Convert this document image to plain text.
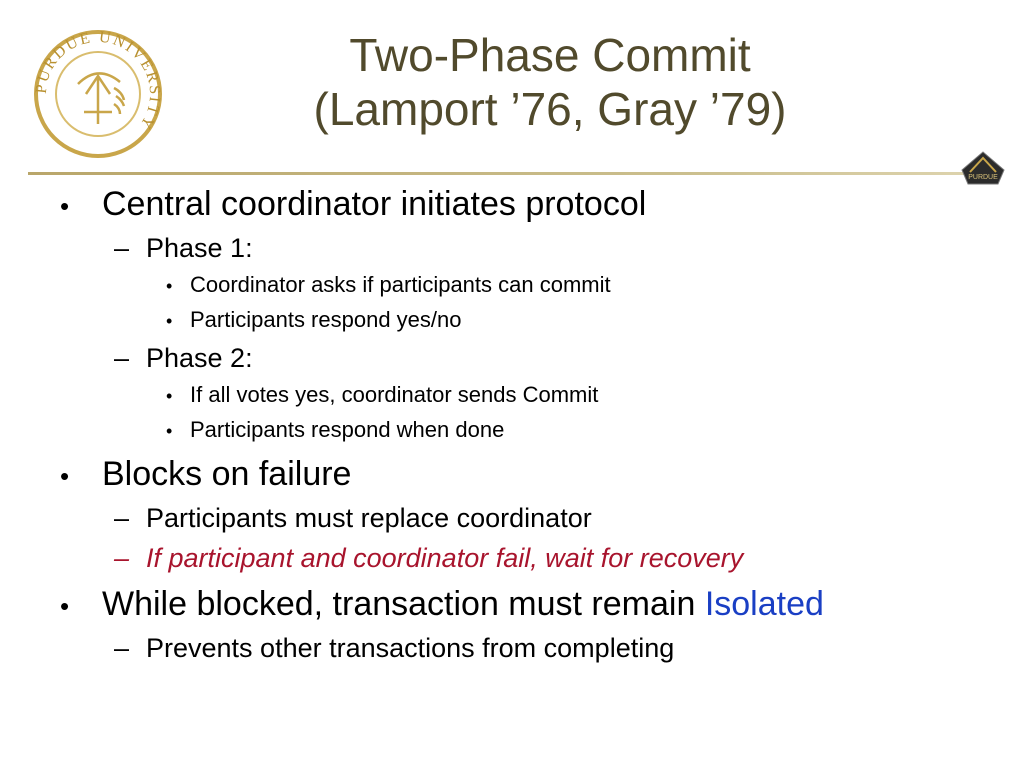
PURDUE UNIVERSITY
Two-Phase Commit
(Lamport ’76, Gray ’79)
PURDUE
• Central coordinator initiates protocol
– Phase 1:
• Coordinator asks if participants can commit
• Participants respond yes/no
– Phase 2:
• If all votes yes, coordinator sends Commit
• Participants respond when done
• Blocks on failure
– Participants must replace coordinator
– If participant and coordinator fail, wait for recovery
• While blocked, transaction must remain Isolated
– Prevents other transactions from completing
